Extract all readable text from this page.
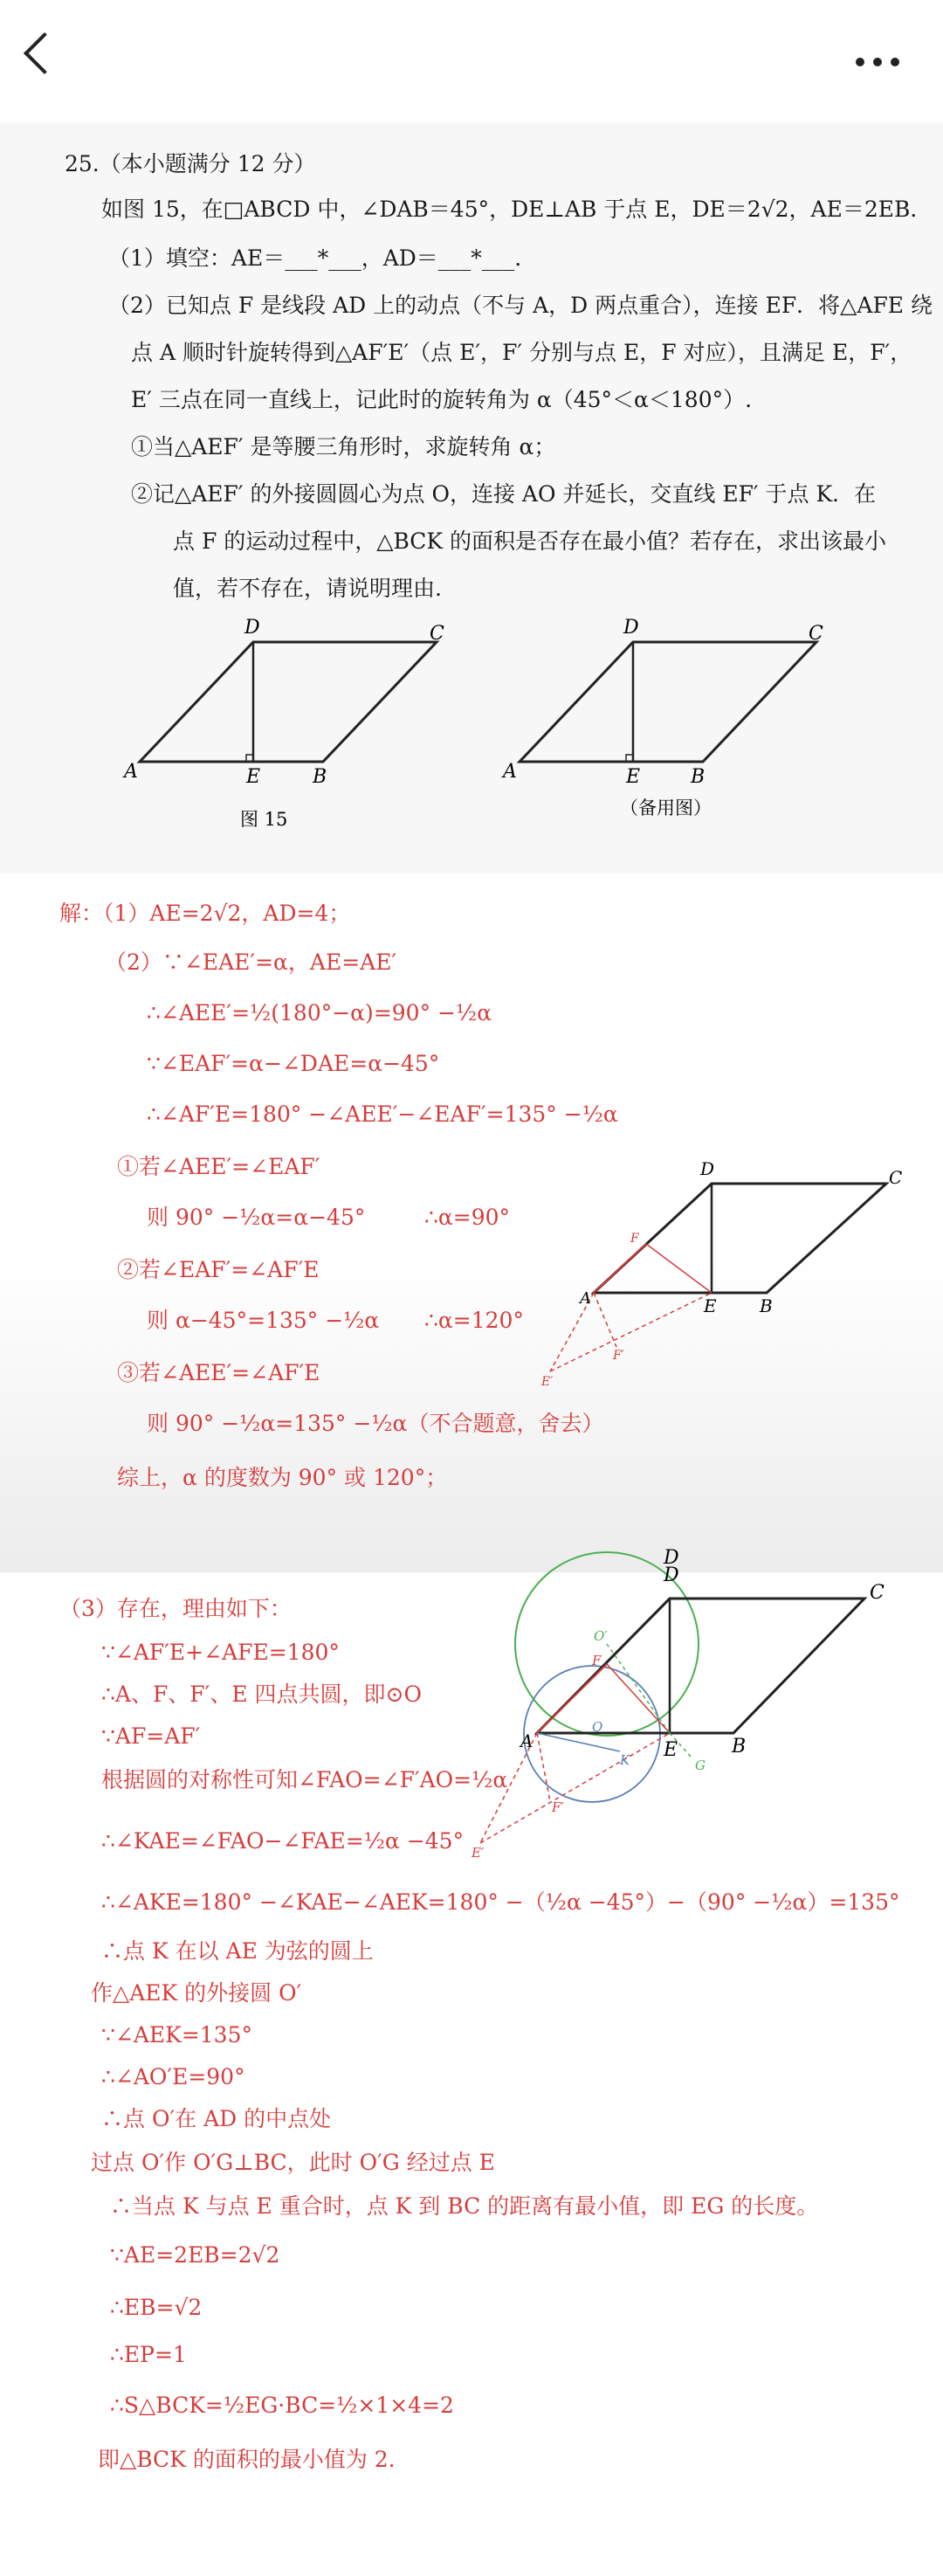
25.（本小题满分 12 分）
如图 15，在□ABCD 中，∠DAB＝45°，DE⊥AB 于点 E，DE＝2√2，AE＝2EB．
（1）填空：AE＝___*___，AD＝___*___.
（2）已知点 F 是线段 AD 上的动点（不与 A，D 两点重合），连接 EF．将△AFE 绕
点 A 顺时针旋转得到△AF′E′（点 E′，F′ 分别与点 E，F 对应），且满足 E，F′，
E′ 三点在同一直线上，记此时的旋转角为 α（45°＜α＜180°）.
①当△AEF′ 是等腰三角形时，求旋转角 α；
②记△AEF′ 的外接圆圆心为点 O，连接 AO 并延长，交直线 EF′ 于点 K．在
点 F 的运动过程中，△BCK 的面积是否存在最小值？若存在，求出该最小
值，若不存在，请说明理由.
D	C
A	E	B
图 15
D	C
A	E	B
（备用图）
解：（1）AE=2√2，AD=4；
（2）∵∠EAE′=α，AE=AE′
∴∠AEE′=½(180°−α)=90° −½α
∵∠EAF′=α−∠DAE=α−45°
∴∠AF′E=180° −∠AEE′−∠EAF′=135° −½α
①若∠AEE′=∠EAF′
则 90° −½α=α−45°	∴α=90°
②若∠EAF′=∠AF′E
则 α−45°=135° −½α ∴α=120°
③若∠AEE′=∠AF′E
则 90° −½α=135° −½α（不合题意，舍去）
综上，α 的度数为 90° 或 120°；
D	C
A	E B
F
F′
E′
（3）存在，理由如下：
∵∠AF′E+∠AFE=180°
∴A、F、F′、E 四点共圆，即⊙O
∵AF=AF′
根据圆的对称性可知∠FAO=∠F′AO=½α
∴∠KAE=∠FAO−∠FAE=½α −45°
∴∠AKE=180° −∠KAE−∠AEK=180° −（½α −45°）−（90° −½α）=135°
∴点 K 在以 AE 为弦的圆上
作△AEK 的外接圆 O′
∵∠AEK=135°
∴∠AO′E=90°
∴点 O′在 AD 的中点处
过点 O′作 O′G⊥BC，此时 O′G 经过点 E
∴当点 K 与点 E 重合时，点 K 到 BC 的距离有最小值，即 EG 的长度。
∵AE=2EB=2√2
∴EB=√2
∴EP=1
∴S△BCK=½EG·BC=½×1×4=2
即△BCK 的面积的最小值为 2.
D
D
C
A	E	B
F
F′
E′
O′
O
K	G
